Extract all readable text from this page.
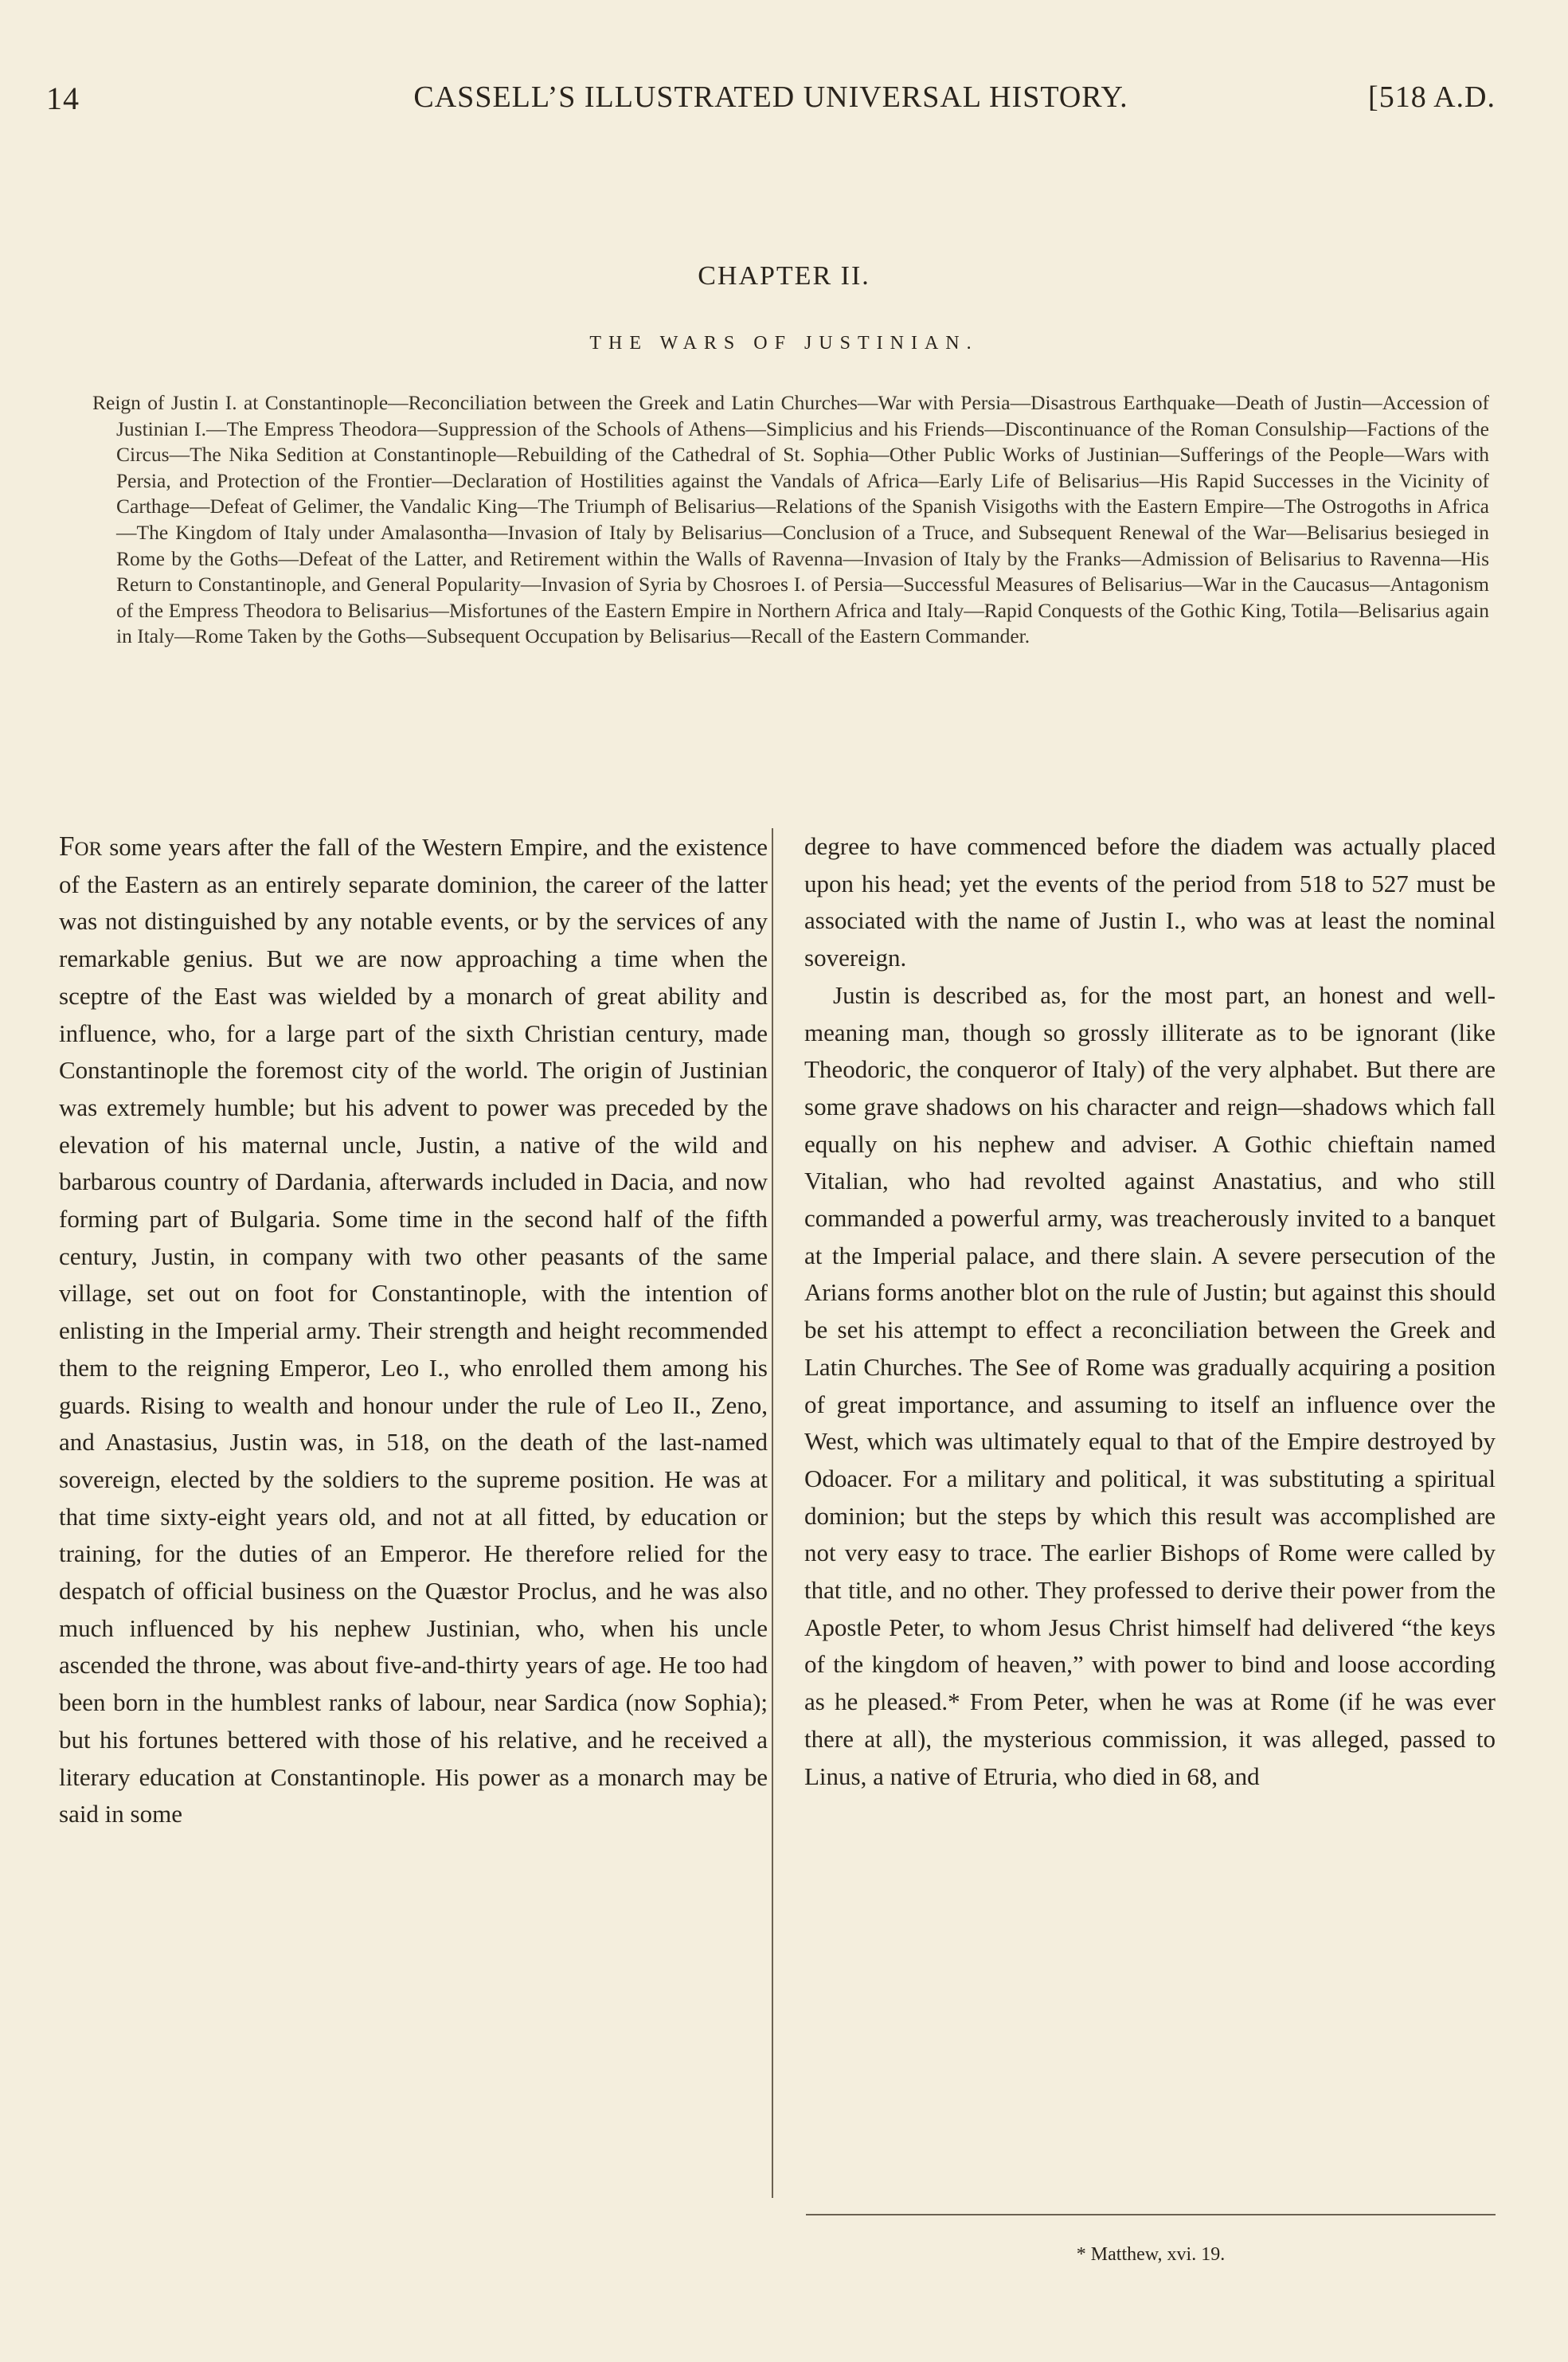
14	CASSELL’S ILLUSTRATED UNIVERSAL HISTORY.	[518 A.D.
CHAPTER II.
THE WARS OF JUSTINIAN.

Reign of Justin I. at Constantinople—Reconciliation between the Greek and Latin Churches—War with Persia—Disastrous Earthquake—Death of Justin—Accession of Justinian I.—The Empress Theodora—Suppression of the Schools of Athens—Simplicius and his Friends—Discontinuance of the Roman Consulship—Factions of the Circus—The Nika Sedition at Constantinople—Rebuilding of the Cathedral of St. Sophia—Other Public Works of Justinian—Sufferings of the People—Wars with Persia, and Protection of the Frontier—Declaration of Hostilities against the Vandals of Africa—Early Life of Belisarius—His Rapid Successes in the Vicinity of Carthage—Defeat of Gelimer, the Vandalic King—The Triumph of Belisarius—Relations of the Spanish Visigoths with the Eastern Empire—The Ostrogoths in Africa—The Kingdom of Italy under Amalasontha—Invasion of Italy by Belisarius—Conclusion of a Truce, and Subsequent Renewal of the War—Belisarius besieged in Rome by the Goths—Defeat of the Latter, and Retirement within the Walls of Ravenna—Invasion of Italy by the Franks—Admission of Belisarius to Ravenna—His Return to Constantinople, and General Popularity—Invasion of Syria by Chosroes I. of Persia—Successful Measures of Belisarius—War in the Caucasus—Antagonism of the Empress Theodora to Belisarius—Misfortunes of the Eastern Empire in Northern Africa and Italy—Rapid Conquests of the Gothic King, Totila—Belisarius again in Italy—Rome Taken by the Goths—Subsequent Occupation by Belisarius—Recall of the Eastern Commander.

For some years after the fall of the Western Empire, and the existence of the Eastern as an entirely separate dominion, the career of the latter was not distinguished by any notable events, or by the services of any remarkable genius. But we are now approaching a time when the sceptre of the East was wielded by a monarch of great ability and influence, who, for a large part of the sixth Christian century, made Constantinople the foremost city of the world. The origin of Justinian was extremely humble; but his advent to power was preceded by the elevation of his maternal uncle, Justin, a native of the wild and barbarous country of Dardania, afterwards included in Dacia, and now forming part of Bulgaria. Some time in the second half of the fifth century, Justin, in company with two other peasants of the same village, set out on foot for Constantinople, with the intention of enlisting in the Imperial army. Their strength and height recommended them to the reigning Emperor, Leo I., who enrolled them among his guards. Rising to wealth and honour under the rule of Leo II., Zeno, and Anastasius, Justin was, in 518, on the death of the last-named sovereign, elected by the soldiers to the supreme position. He was at that time sixty-eight years old, and not at all fitted, by education or training, for the duties of an Emperor. He therefore relied for the despatch of official business on the Quæstor Proclus, and he was also much influenced by his nephew Justinian, who, when his uncle ascended the throne, was about five-and-thirty years of age. He too had been born in the humblest ranks of labour, near Sardica (now Sophia); but his fortunes bettered with those of his relative, and he received a literary education at Constantinople. His power as a monarch may be said in some

degree to have commenced before the diadem was actually placed upon his head; yet the events of the period from 518 to 527 must be associated with the name of Justin I., who was at least the nominal sovereign.

Justin is described as, for the most part, an honest and well-meaning man, though so grossly illiterate as to be ignorant (like Theodoric, the conqueror of Italy) of the very alphabet. But there are some grave shadows on his character and reign—shadows which fall equally on his nephew and adviser. A Gothic chieftain named Vitalian, who had revolted against Anastatius, and who still commanded a powerful army, was treacherously invited to a banquet at the Imperial palace, and there slain. A severe persecution of the Arians forms another blot on the rule of Justin; but against this should be set his attempt to effect a reconciliation between the Greek and Latin Churches. The See of Rome was gradually acquiring a position of great importance, and assuming to itself an influence over the West, which was ultimately equal to that of the Empire destroyed by Odoacer. For a military and political, it was substituting a spiritual dominion; but the steps by which this result was accomplished are not very easy to trace. The earlier Bishops of Rome were called by that title, and no other. They professed to derive their power from the Apostle Peter, to whom Jesus Christ himself had delivered “the keys of the kingdom of heaven,” with power to bind and loose according as he pleased.* From Peter, when he was at Rome (if he was ever there at all), the mysterious commission, it was alleged, passed to Linus, a native of Etruria, who died in 68, and

* Matthew, xvi. 19.
